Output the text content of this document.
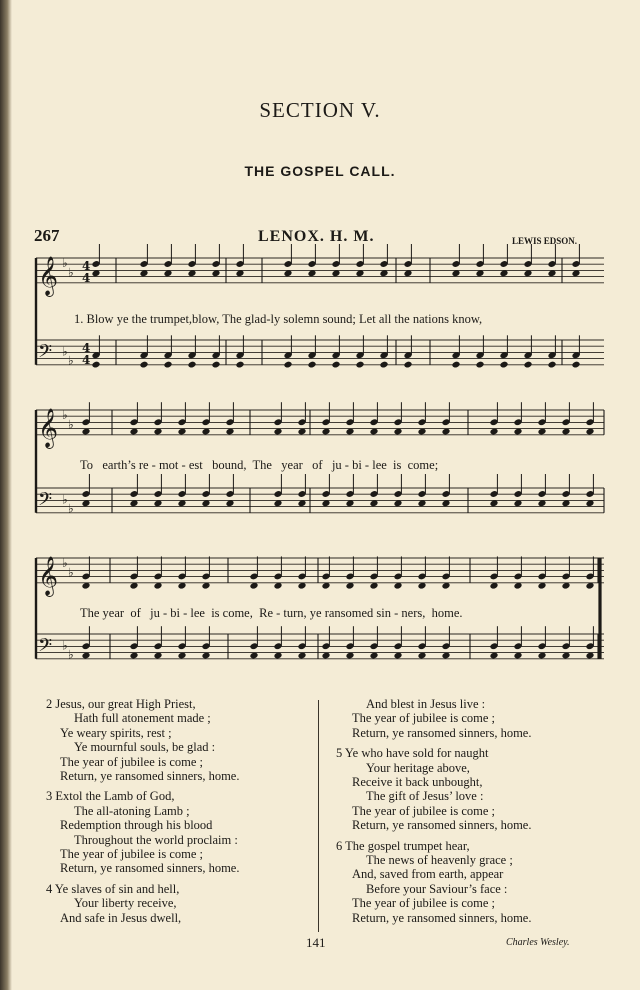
SECTION V.
THE GOSPEL CALL.
267	LENOX. H. M.	LEWIS EDSON.
𝄞 ♭
♭
𝄢 ♭
♭
𝄞 ♭
♭
𝄢 ♭
♭
𝄞 ♭
♭
𝄢 ♭
♭
4
4
4
4
1. Blow ye the trumpet,blow, The glad-ly solemn sound; Let all the nations know,
To   earth’s re - mot - est   bound,  The   year   of   ju - bi - lee  is  come;
The year  of   ju - bi - lee  is come,  Re - turn, ye ransomed sin - ners,  home.
2 Jesus, our great High Priest,
Hath full atonement made ;
Ye weary spirits, rest ;
Ye mournful souls, be glad :
The year of jubilee is come ;
Return, ye ransomed sinners, home.
3 Extol the Lamb of God,
The all-atoning Lamb ;
Redemption through his blood
Throughout the world proclaim :
The year of jubilee is come ;
Return, ye ransomed sinners, home.
4 Ye slaves of sin and hell,
Your liberty receive,
And safe in Jesus dwell,
And blest in Jesus live :
The year of jubilee is come ;
Return, ye ransomed sinners, home.
5 Ye who have sold for naught
Your heritage above,
Receive it back unbought,
The gift of Jesus’ love :
The year of jubilee is come ;
Return, ye ransomed sinners, home.
6 The gospel trumpet hear,
The news of heavenly grace ;
And, saved from earth, appear
Before your Saviour’s face :
The year of jubilee is come ;
Return, ye ransomed sinners, home.
141	Charles Wesley.
